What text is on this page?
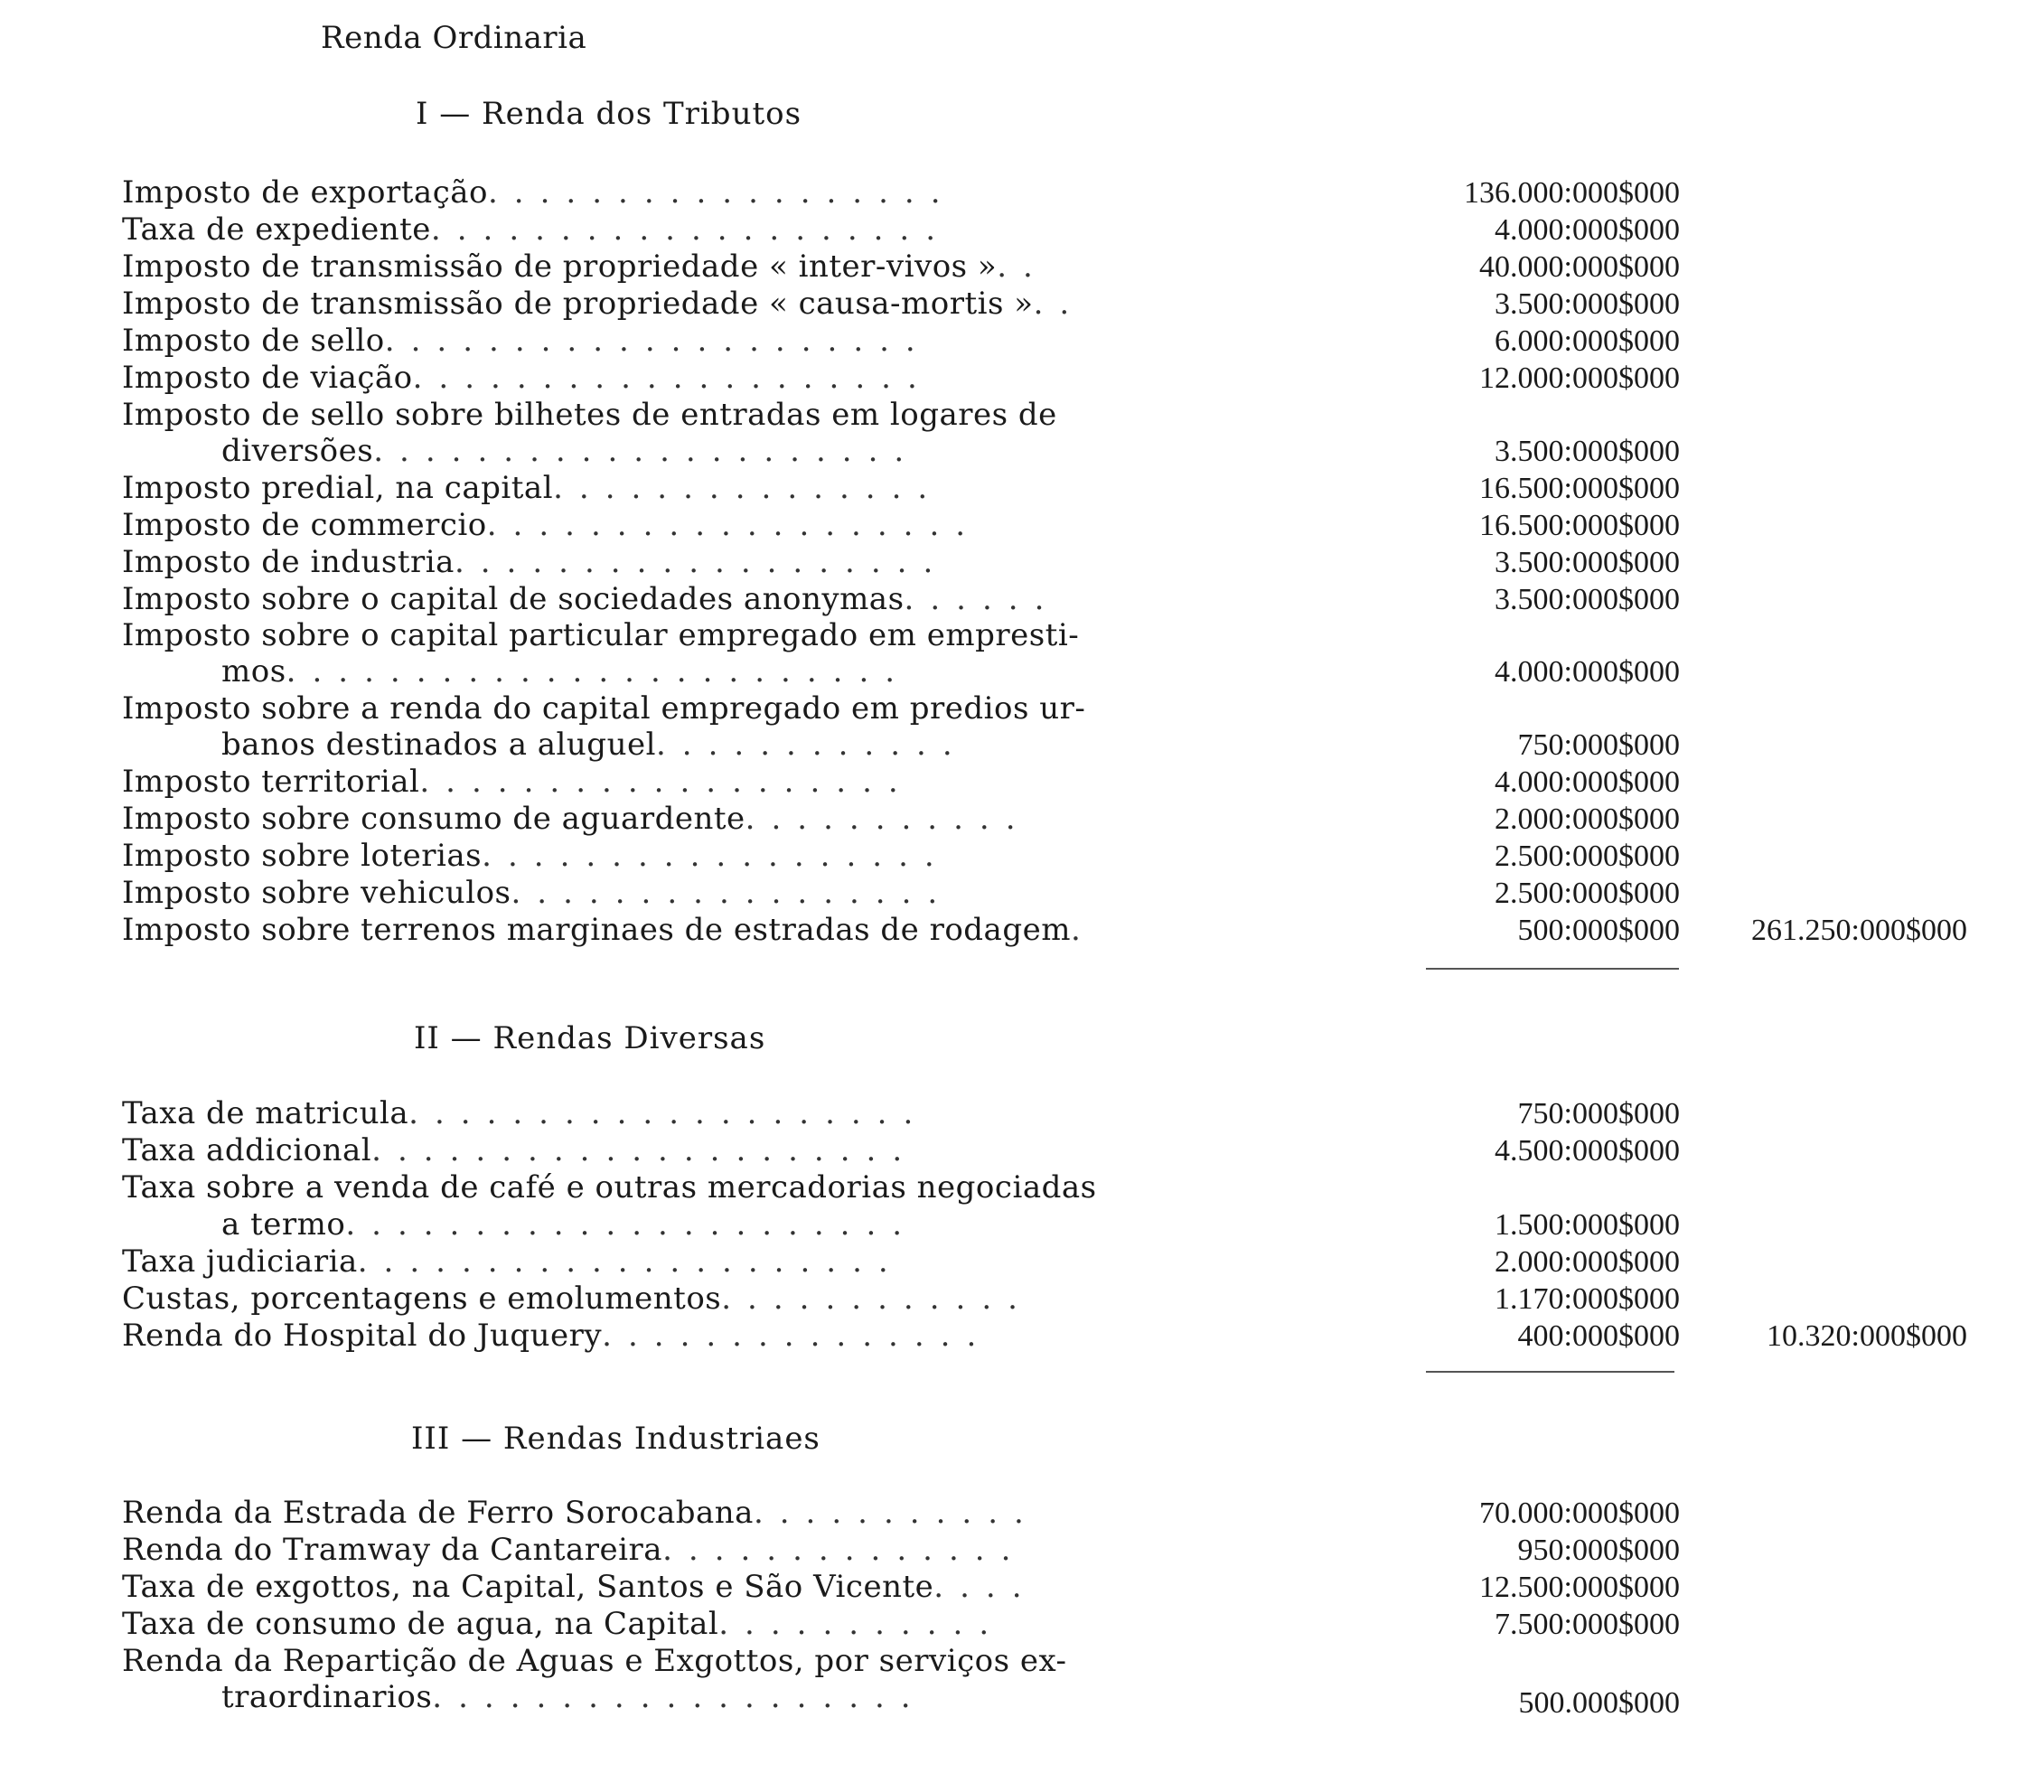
Renda Ordinaria
I — Renda dos Tributos
Imposto de exportação..................	136.000:000$000
Taxa de expediente....................	4.000:000$000
Imposto de transmissão de propriedade « inter-vivos »..	40.000:000$000
Imposto de transmissão de propriedade « causa-mortis »..	3.500:000$000
Imposto de sello.....................	6.000:000$000
Imposto de viação....................	12.000:000$000
Imposto de sello sobre bilhetes de entradas em logares de
diversões.....................	3.500:000$000
Imposto predial, na capital...............	16.500:000$000
Imposto de commercio...................	16.500:000$000
Imposto de industria...................	3.500:000$000
Imposto sobre o capital de sociedades anonymas......	3.500:000$000
Imposto sobre o capital particular empregado em empresti-
mos........................	4.000:000$000
Imposto sobre a renda do capital empregado em predios ur-
banos destinados a aluguel............	750:000$000
Imposto territorial...................	4.000:000$000
Imposto sobre consumo de aguardente...........	2.000:000$000
Imposto sobre loterias..................	2.500:000$000
Imposto sobre vehiculos.................	2.500:000$000
Imposto sobre terrenos marginaes de estradas de rodagem.	500:000$000 261.250:000$000
II — Rendas Diversas
Taxa de matricula....................	750:000$000
Taxa addicional.....................	4.500:000$000
Taxa sobre a venda de café e outras mercadorias negociadas
a termo......................	1.500:000$000
Taxa judiciaria.....................	2.000:000$000
Custas, porcentagens e emolumentos............	1.170:000$000
Renda do Hospital do Juquery...............	400:000$000	10.320:000$000
III — Rendas Industriaes
Renda da Estrada de Ferro Sorocabana...........	70.000:000$000
Renda do Tramway da Cantareira..............	950:000$000
Taxa de exgottos, na Capital, Santos e São Vicente....	12.500:000$000
Taxa de consumo de agua, na Capital...........	7.500:000$000
Renda da Repartição de Aguas e Exgottos, por serviços ex-
traordinarios...................	500.000$000
